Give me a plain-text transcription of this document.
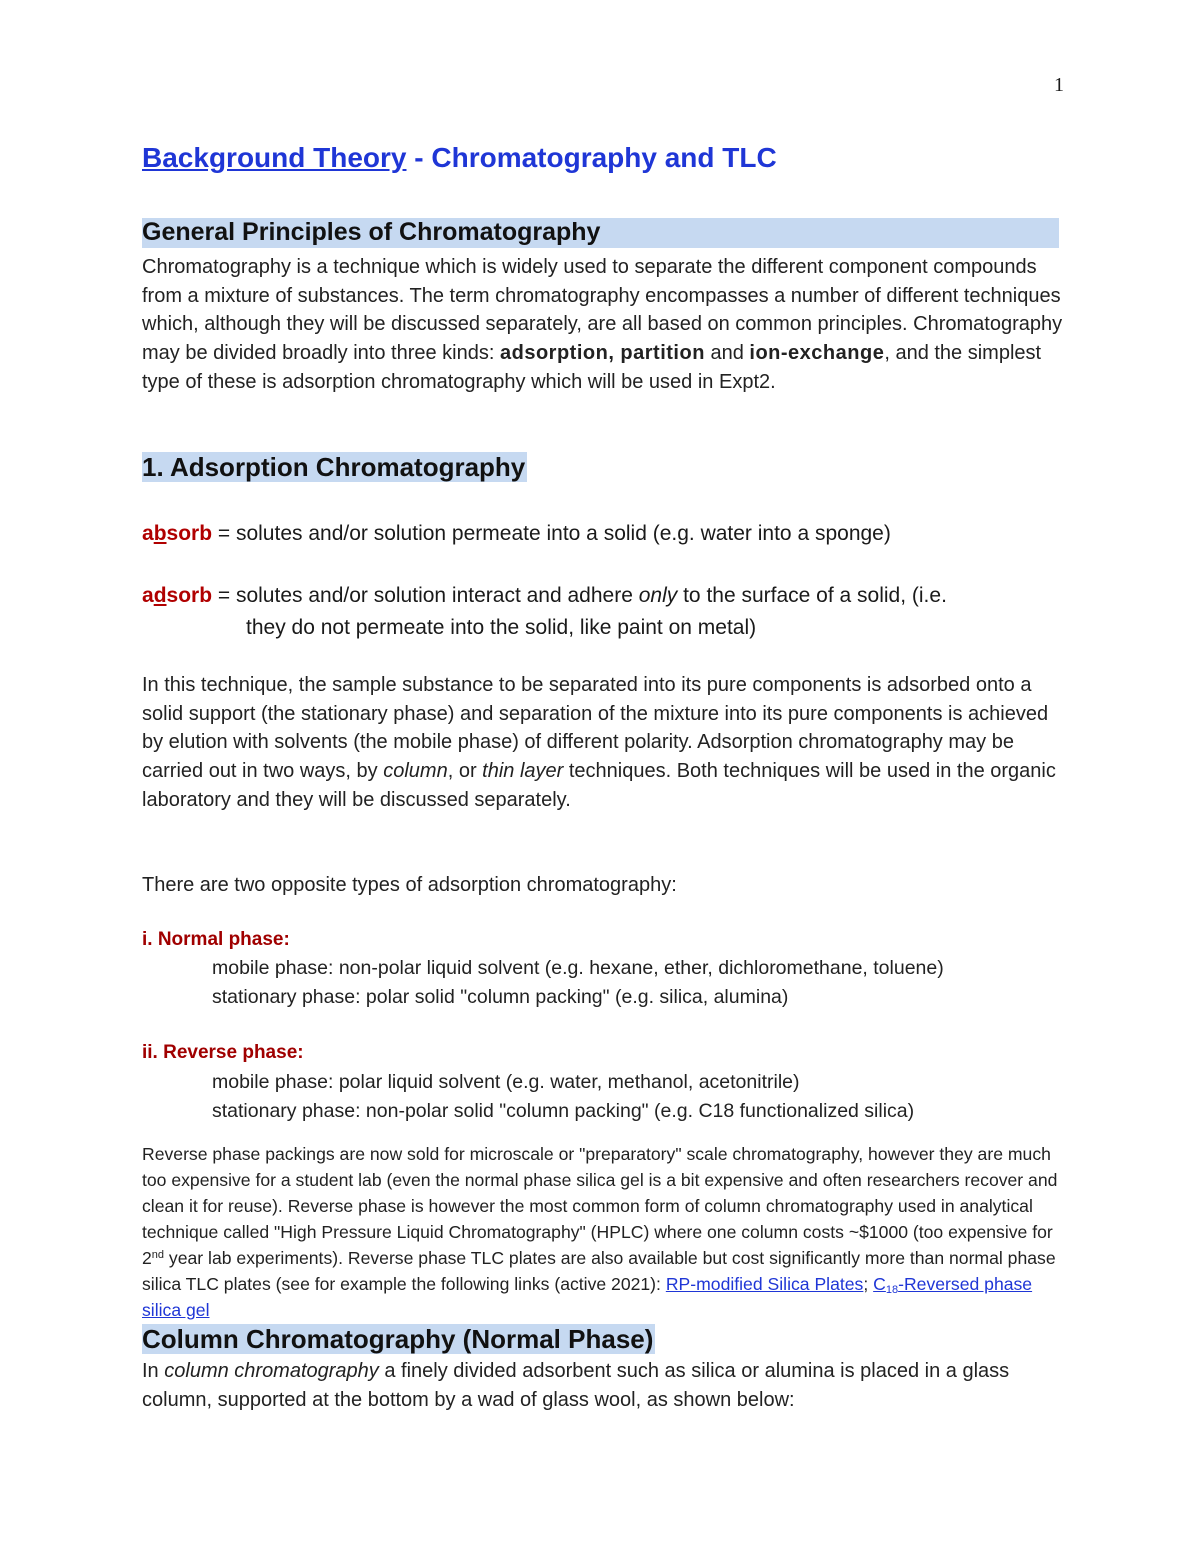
1
Background Theory - Chromatography and TLC
General Principles of Chromatography

Chromatography is a technique which is widely used to separate the different component compounds from a mixture of substances. The term chromatography encompasses a number of different techniques which, although they will be discussed separately, are all based on common principles. Chromatography may be divided broadly into three kinds: adsorption, partition and ion-exchange, and the simplest type of these is adsorption chromatography which will be used in Expt2.

1. Adsorption Chromatography

absorb = solutes and/or solution permeate into a solid (e.g. water into a sponge)

adsorb = solutes and/or solution interact and adhere only to the surface of a solid, (i.e.
they do not permeate into the solid, like paint on metal)

In this technique, the sample substance to be separated into its pure components is adsorbed onto a solid support (the stationary phase) and separation of the mixture into its pure components is achieved by elution with solvents (the mobile phase) of different polarity. Adsorption chromatography may be carried out in two ways, by column, or thin layer techniques. Both techniques will be used in the organic laboratory and they will be discussed separately.

There are two opposite types of adsorption chromatography:

i. Normal phase:

mobile phase: non-polar liquid solvent (e.g. hexane, ether, dichloromethane, toluene)

stationary phase: polar solid "column packing" (e.g. silica, alumina)

ii. Reverse phase:

mobile phase: polar liquid solvent (e.g. water, methanol, acetonitrile)

stationary phase: non-polar solid "column packing" (e.g. C18 functionalized silica)

Reverse phase packings are now sold for microscale or "preparatory" scale chromatography, however they are much too expensive for a student lab (even the normal phase silica gel is a bit expensive and often researchers recover and clean it for reuse). Reverse phase is however the most common form of column chromatography used in analytical technique called "High Pressure Liquid Chromatography" (HPLC) where one column costs ~$1000 (too expensive for 2nd year lab experiments). Reverse phase TLC plates are also available but cost significantly more than normal phase silica TLC plates (see for example the following links (active 2021): RP-modified Silica Plates; $C_{18}$-Reversed phase silica gel

Column Chromatography (Normal Phase)

In column chromatography a finely divided adsorbent such as silica or alumina is placed in a glass column, supported at the bottom by a wad of glass wool, as shown below:
